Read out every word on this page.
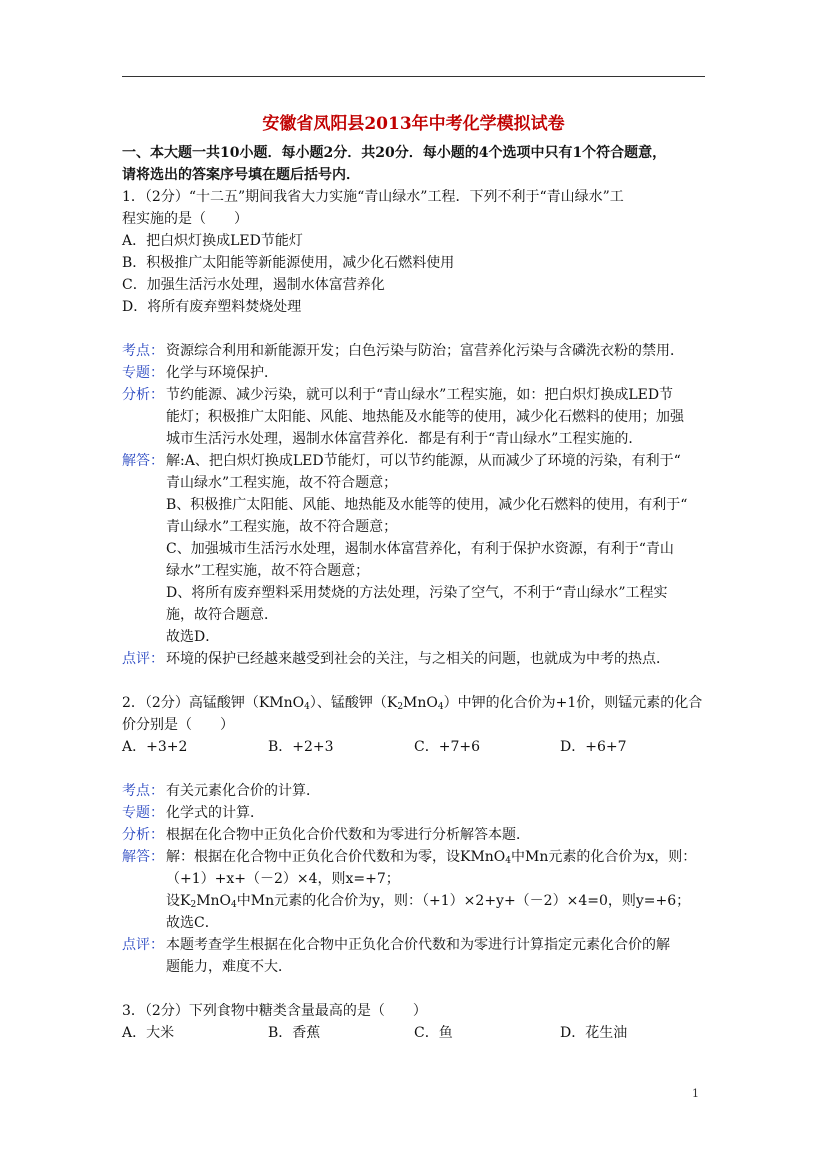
安徽省凤阳县2013年中考化学模拟试卷
一、本大题一共10小题．每小题2分．共20分．每小题的4个选项中只有1个符合题意，
请将选出的答案序号填在题后括号内．
1．（2分）“十二五”期间我省大力实施“青山绿水”工程．下列不利于“青山绿水”工
程实施的是（　　）
A．把白炽灯换成LED节能灯
B．积极推广太阳能等新能源使用，减少化石燃料使用
C．加强生活污水处理，遏制水体富营养化
D．将所有废弃塑料焚烧处理
考点： 资源综合利用和新能源开发；白色污染与防治；富营养化污染与含磷洗衣粉的禁用．
专题： 化学与环境保护．
分析： 节约能源、减少污染，就可以利于“青山绿水”工程实施，如：把白炽灯换成LED节
能灯；积极推广太阳能、风能、地热能及水能等的使用，减少化石燃料的使用；加强
城市生活污水处理，遏制水体富营养化．都是有利于“青山绿水”工程实施的．
解答： 解:A、把白炽灯换成LED节能灯，可以节约能源，从而减少了环境的污染，有利于“
青山绿水”工程实施，故不符合题意；
B、积极推广太阳能、风能、地热能及水能等的使用，减少化石燃料的使用，有利于“
青山绿水”工程实施，故不符合题意；
C、加强城市生活污水处理，遏制水体富营养化，有利于保护水资源，有利于“青山
绿水”工程实施，故不符合题意；
D、将所有废弃塑料采用焚烧的方法处理，污染了空气，不利于“青山绿水”工程实
施，故符合题意．
故选D．
点评： 环境的保护已经越来越受到社会的关注，与之相关的问题，也就成为中考的热点．
2．（2分）高锰酸钾（KMnO$_4$）、锰酸钾$(K_2MnO_4)$中钾的化合价为+1价，则锰元素的化合
价分别是（　　）
A．+3+2	B．+2+3	C．+7+6	D．+6+7
考点： 有关元素化合价的计算．
专题： 化学式的计算．
分析： 根据在化合物中正负化合价代数和为零进行分析解答本题．
解答： 解：根据在化合物中正负化合价代数和为零，设KMnO$_4$中Mn元素的化合价为x，则：
（+1）+x+（－2）×4，则x=+7；
设$K_2MnO_4$中Mn元素的化合价为y，则：（+1）×2+y+（－2）×4=0，则y=+6；
故选C．
点评： 本题考查学生根据在化合物中正负化合价代数和为零进行计算指定元素化合价的解
题能力，难度不大．
3．（2分）下列食物中糖类含量最高的是（　　）
A．大米	B．香蕉	C．鱼	D．花生油
1
